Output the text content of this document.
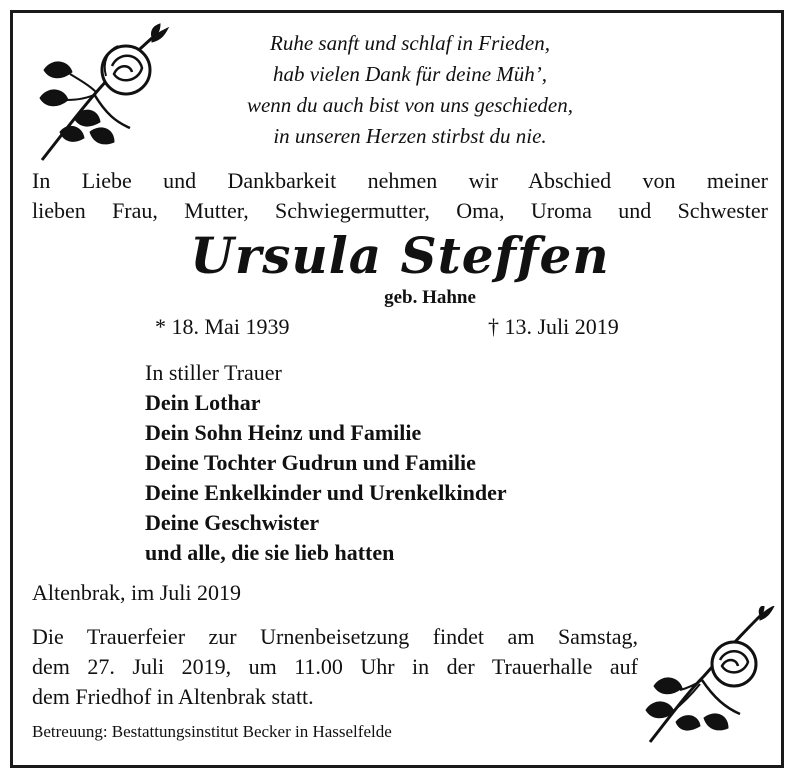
Ruhe sanft und schlaf in Frieden,
hab vielen Dank für deine Müh’,
wenn du auch bist von uns geschieden,
in unseren Herzen stirbst du nie.
In Liebe und Dankbarkeit nehmen wir Abschied von meiner
lieben Frau, Mutter, Schwiegermutter, Oma, Uroma und Schwester
Ursula Steffen
geb. Hahne
* 18. Mai 1939	† 13. Juli 2019
In stiller Trauer
Dein Lothar
Dein Sohn Heinz und Familie
Deine Tochter Gudrun und Familie
Deine Enkelkinder und Urenkelkinder
Deine Geschwister
und alle, die sie lieb hatten
Altenbrak, im Juli 2019
Die Trauerfeier zur Urnenbeisetzung findet am Samstag,
dem 27. Juli 2019, um 11.00 Uhr in der Trauerhalle auf
dem Friedhof in Altenbrak statt.
Betreuung: Bestattungsinstitut Becker in Hasselfelde
